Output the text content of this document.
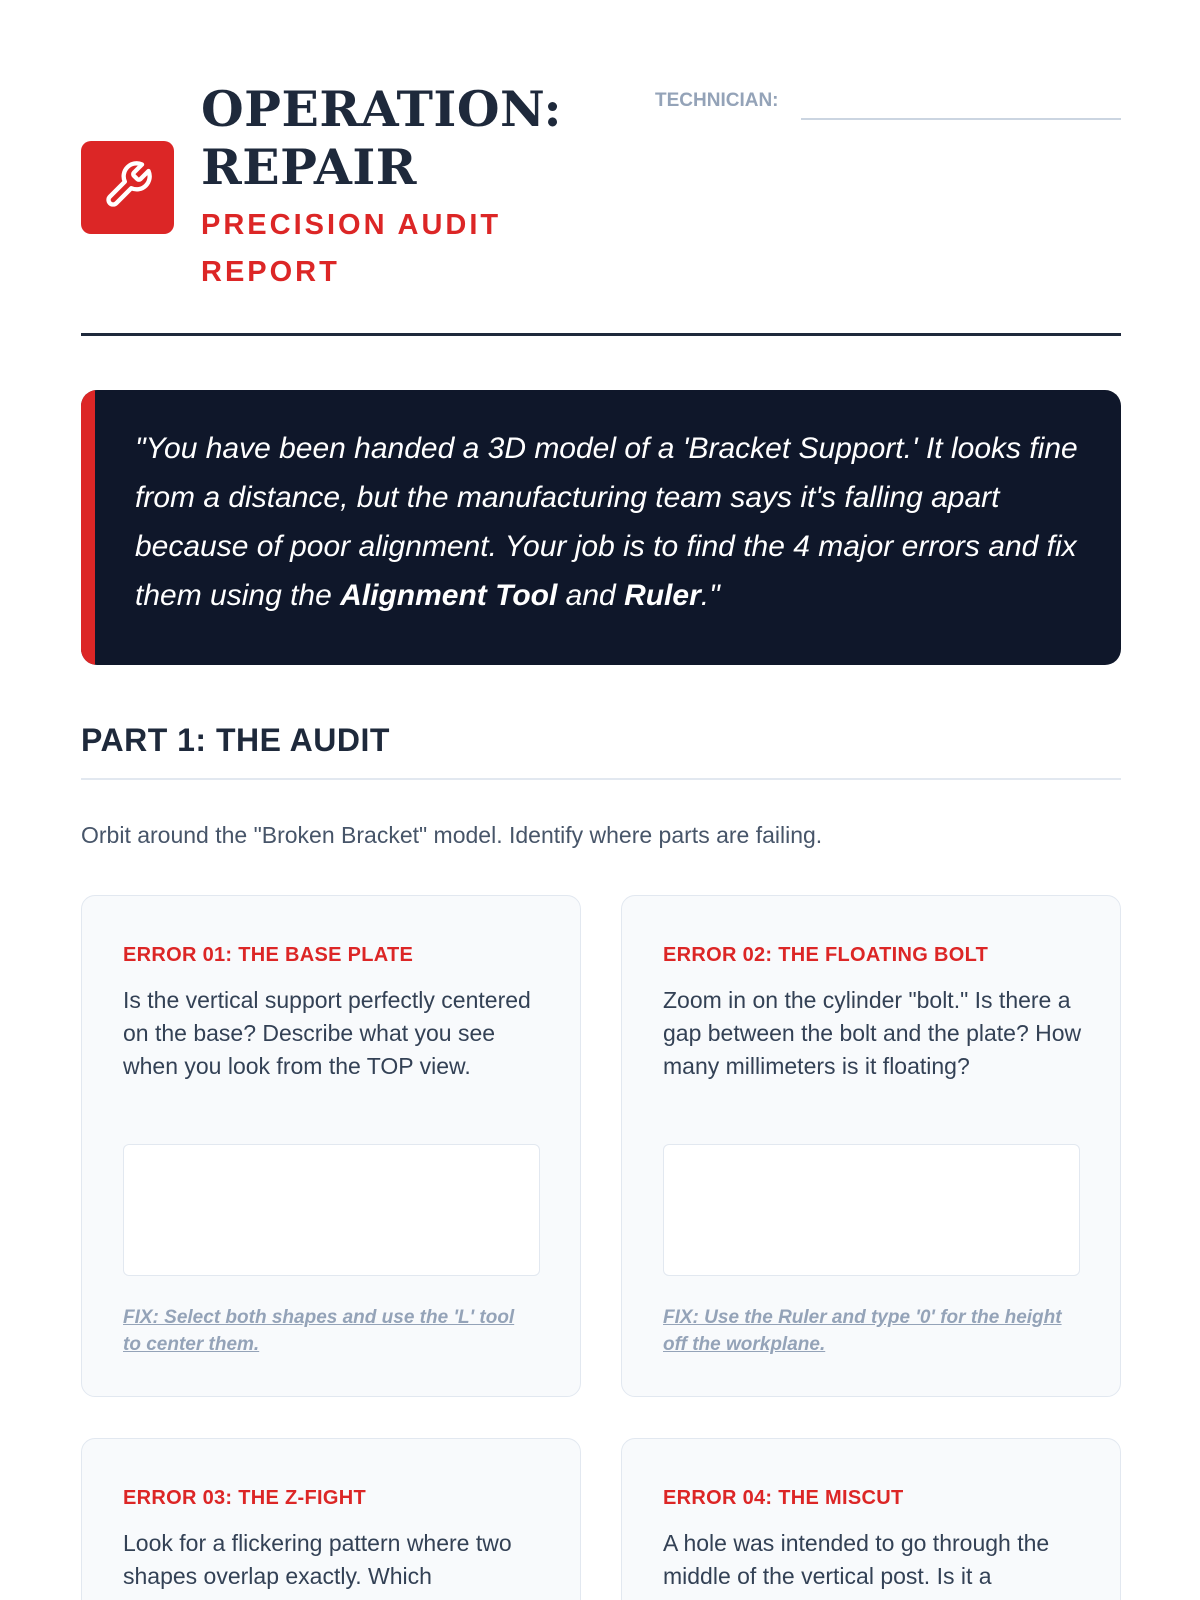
OPERATION: REPAIR
PRECISION AUDIT REPORT
TECHNICIAN:

"You have been handed a 3D model of a 'Bracket Support.' It looks fine from a distance, but the manufacturing team says it's falling apart because of poor alignment. Your job is to find the 4 major errors and fix them using the Alignment Tool and Ruler."

PART 1: THE AUDIT

Orbit around the "Broken Bracket" model. Identify where parts are failing.

ERROR 01: THE BASE PLATE

Is the vertical support perfectly centered on the base? Describe what you see when you look from the TOP view.

FIX: Select both shapes and use the 'L' tool to center them.

ERROR 02: THE FLOATING BOLT

Zoom in on the cylinder "bolt." Is there a gap between the bolt and the plate? How many millimeters is it floating?

FIX: Use the Ruler and type '0' for the height off the workplane.

ERROR 03: THE Z-FIGHT

Look for a flickering pattern where two shapes overlap exactly. Which

ERROR 04: THE MISCUT

A hole was intended to go through the middle of the vertical post. Is it a
